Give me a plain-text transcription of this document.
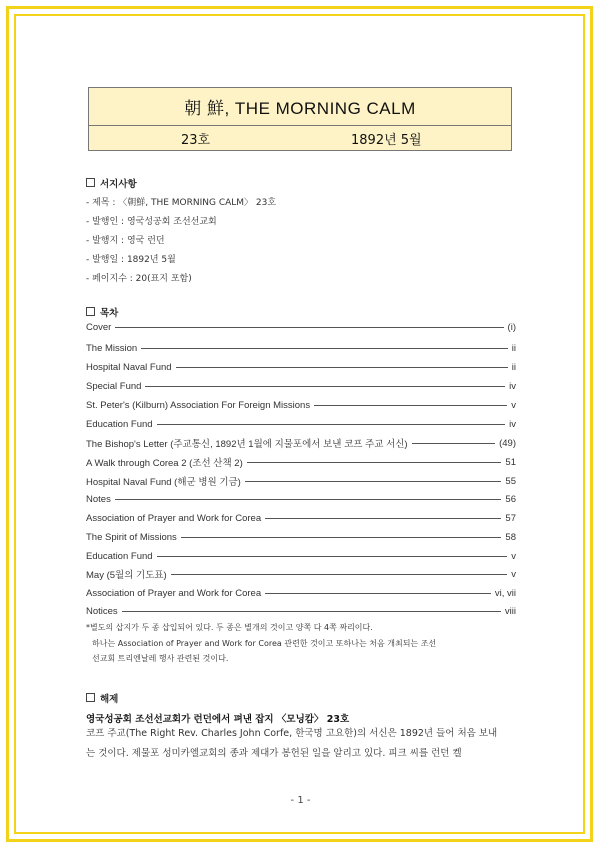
朝 鮮, THE MORNING CALM
23호	1892년 5월
서지사항
- 제목 : 〈朝鮮, THE MORNING CALM〉 23호
- 발행인 : 영국성공회 조선선교회
- 발행지 : 영국 런던
- 발행일 : 1892년 5월
- 페이지수 : 20(표지 포함)
목차
Cover	(i)
The Mission	ii
Hospital Naval Fund	ii
Special Fund	iv
St. Peter's (Kilburn) Association For Foreign Missions	v
Education Fund	iv
The Bishop's Letter (주교통신, 1892년 1월에 지물포에서 보낸 코프 주교 서신)	(49)
A Walk through Corea 2 (조선 산책 2)	51
Hospital Naval Fund (해군 병원 기금)	55
Notes	56
Association of Prayer and Work for Corea	57
The Spirit of Missions	58
Education Fund	v
May (5월의 기도표)	v
Association of Prayer and Work for Corea	vi, vii
Notices	viii
*별도의 삽지가 두 종 삽입되어 있다. 두 종은 별개의 것이고 양쪽 다 4쪽 짜리이다.
하나는 Association of Prayer and Work for Corea 관련한 것이고 또하나는 처음 개최되는 조선
선교회 트리엔날레 행사 관련된 것이다.
해제
영국성공회 조선선교회가 런던에서 펴낸 잡지 〈모닝캄〉 23호
코프 주교(The Right Rev. Charles John Corfe, 한국명 고요한)의 서신은 1892년 들어 처음 보내
는 것이다. 제물포 성미카엘교회의 종과 제대가 봉헌된 일을 알리고 있다. 피크 씨를 런던 켈
- 1 -
